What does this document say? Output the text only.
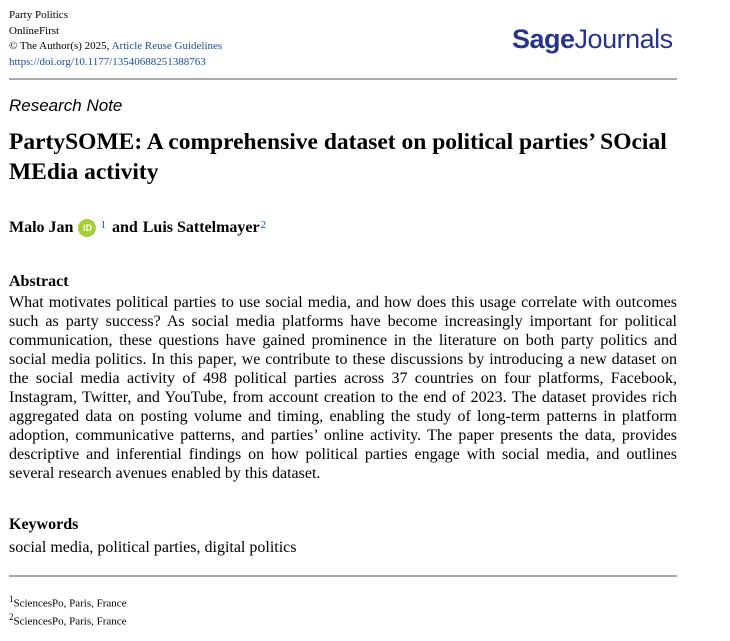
Party Politics
OnlineFirst
© The Author(s) 2025, Article Reuse Guidelines
https://doi.org/10.1177/13540688251388763
SageJournals
Research Note
PartySOME: A comprehensive dataset on political parties’ SOcial MEdia activity
Malo Jan	iD 1 and Luis Sattelmayer 2
Abstract

What motivates political parties to use social media, and how does this usage correlate with outcomes such as party success? As social media platforms have become increasingly important for political communication, these questions have gained prominence in the literature on both party politics and social media politics. In this paper, we contribute to these discussions by introducing a new dataset on the social media activity of 498 political parties across 37 countries on four platforms, Facebook, Instagram, Twitter, and YouTube, from account creation to the end of 2023. The dataset provides rich aggregated data on posting volume and timing, enabling the study of long-term patterns in platform adoption, communicative patterns, and parties’ online activity. The paper presents the data, provides descriptive and inferential findings on how political parties engage with social media, and outlines several research avenues enabled by this dataset.

Keywords
social media, political parties, digital politics
$^1$SciencesPo, Paris, France
$^2$SciencesPo, Paris, France
